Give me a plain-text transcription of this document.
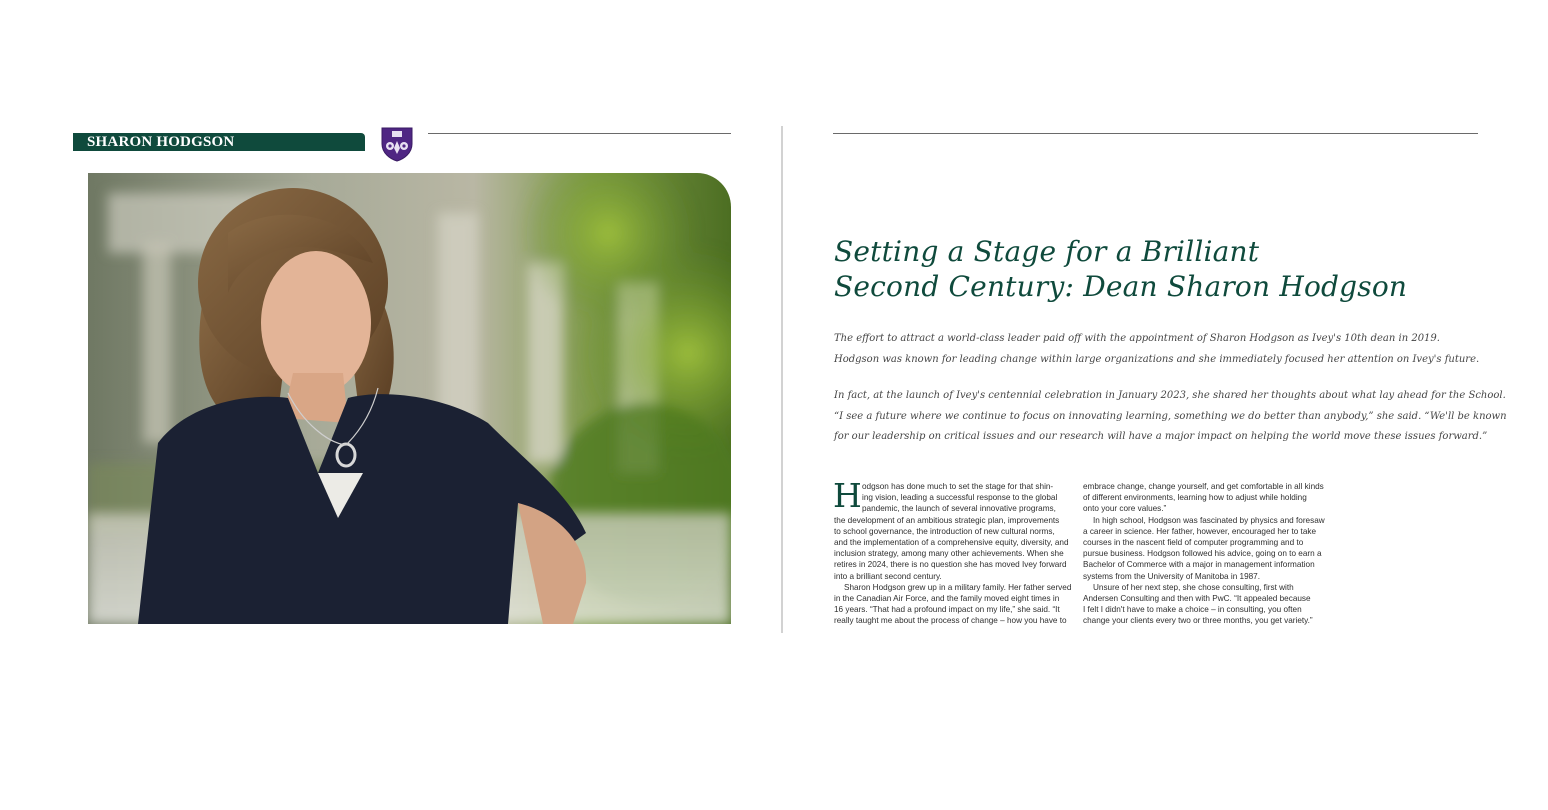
SHARON HODGSON
Setting a Stage for a Brilliant
Second Century: Dean Sharon Hodgson

The effort to attract a world-class leader paid off with the appointment of Sharon Hodgson as Ivey's 10th dean in 2019.
Hodgson was known for leading change within large organizations and she immediately focused her attention on Ivey's future.

In fact, at the launch of Ivey's centennial celebration in January 2023, she shared her thoughts about what lay ahead for the School.
“I see a future where we continue to focus on innovating learning, something we do better than anybody,” she said. “We'll be known
for our leadership on critical issues and our research will have a major impact on helping the world move these issues forward.”

H odgson has done much to set the stage for that shin-
ing vision, leading a successful response to the global
pandemic, the launch of several innovative programs,
the development of an ambitious strategic plan, improvements
to school governance, the introduction of new cultural norms,
and the implementation of a comprehensive equity, diversity, and
inclusion strategy, among many other achievements. When she
retires in 2024, there is no question she has moved Ivey forward
into a brilliant second century.
Sharon Hodgson grew up in a military family. Her father served
in the Canadian Air Force, and the family moved eight times in
16 years. “That had a profound impact on my life,” she said. “It
really taught me about the process of change – how you have to
embrace change, change yourself, and get comfortable in all kinds
of different environments, learning how to adjust while holding
onto your core values.”
In high school, Hodgson was fascinated by physics and foresaw
a career in science. Her father, however, encouraged her to take
courses in the nascent field of computer programming and to
pursue business. Hodgson followed his advice, going on to earn a
Bachelor of Commerce with a major in management information
systems from the University of Manitoba in 1987.
Unsure of her next step, she chose consulting, first with
Andersen Consulting and then with PwC. “It appealed because
I felt I didn't have to make a choice – in consulting, you often
change your clients every two or three months, you get variety.”
